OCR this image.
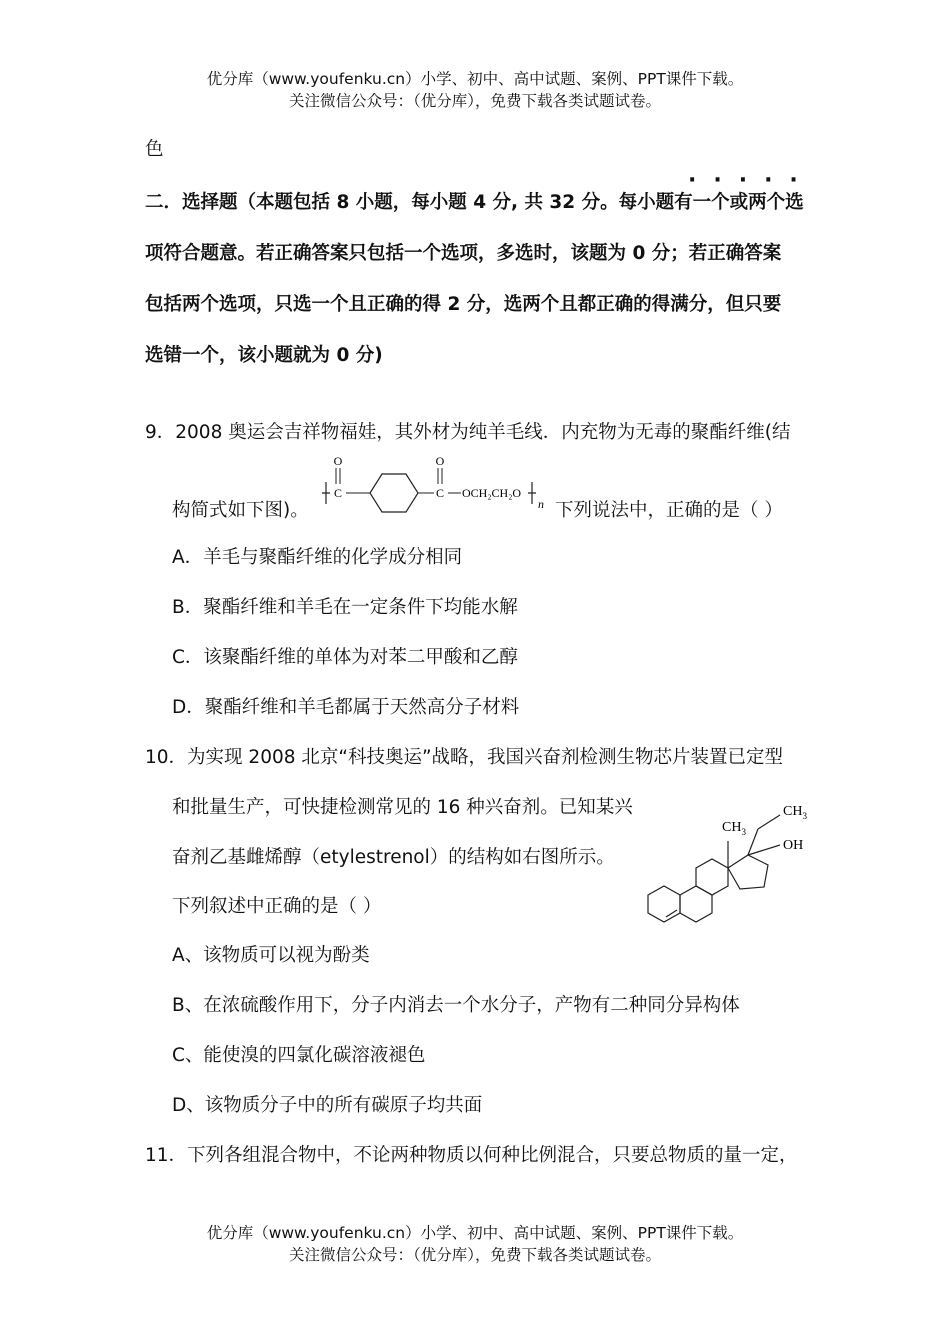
优分库（www.youfenku.cn）小学、初中、高中试题、案例、PPT课件下载。
关注微信公众号：（优分库），免费下载各类试题试卷。
色
·····
二．选择题（本题包括 8 小题，每小题 4 分, 共 32 分。每小题有一个或两个选
项符合题意。若正确答案只包括一个选项，多选时，该题为 0 分；若正确答案
包括两个选项，只选一个且正确的得 2 分，选两个且都正确的得满分，但只要
选错一个，该小题就为 0 分)
9．2008 奥运会吉祥物福娃，其外材为纯羊毛线．内充物为无毒的聚酯纤维(结
构简式如下图)。
O
C
O
C OCH₂CH₂O
n 下列说法中，正确的是（ ）
A．羊毛与聚酯纤维的化学成分相同
B．聚酯纤维和羊毛在一定条件下均能水解
C．该聚酯纤维的单体为对苯二甲酸和乙醇
D．聚酯纤维和羊毛都属于天然高分子材料
10．为实现 2008 北京“科技奥运”战略，我国兴奋剂检测生物芯片装置已定型
和批量生产，可快捷检测常见的 16 种兴奋剂。已知某兴
奋剂乙基雌烯醇（etylestrenol）的结构如右图所示。
下列叙述中正确的是（ ）
$CH_3$
$CH_3$
OH
A、该物质可以视为酚类
B、在浓硫酸作用下，分子内消去一个水分子，产物有二种同分异构体
C、能使溴的四氯化碳溶液褪色
D、该物质分子中的所有碳原子均共面
11．下列各组混合物中，不论两种物质以何种比例混合，只要总物质的量一定，
优分库（www.youfenku.cn）小学、初中、高中试题、案例、PPT课件下载。
关注微信公众号：（优分库），免费下载各类试题试卷。
